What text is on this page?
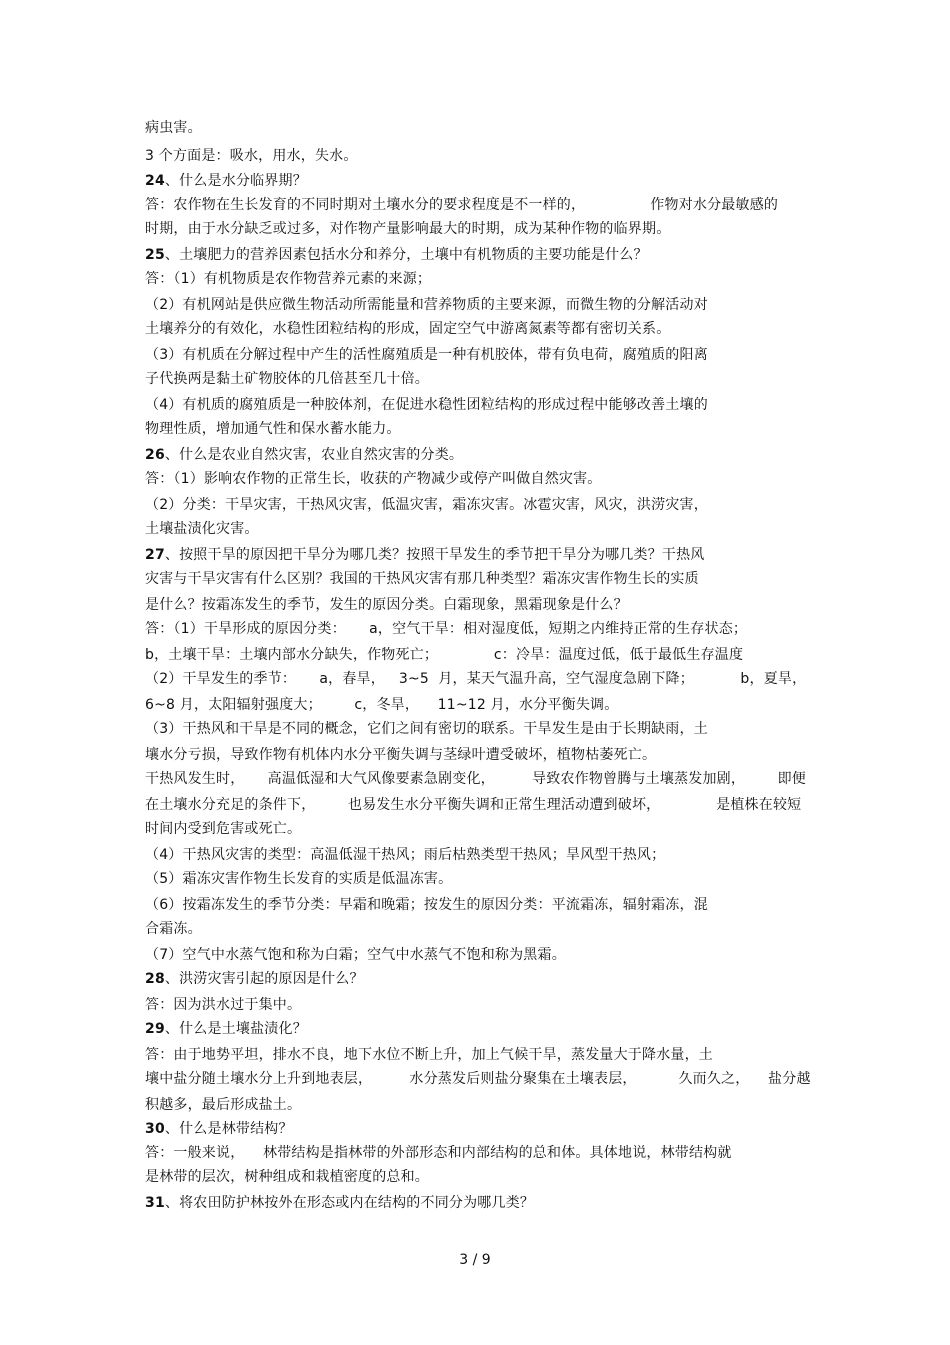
病虫害。
3 个方面是：吸水，用水，失水。
24、什么是水分临界期？
答：农作物在生长发育的不同时期对土壤水分的要求程度是不一样的，              作物对水分最敏感的
时期，由于水分缺乏或过多，对作物产量影响最大的时期，成为某种作物的临界期。
25、土壤肥力的营养因素包括水分和养分，土壤中有机物质的主要功能是什么？
答：（1）有机物质是农作物营养元素的来源；
（2）有机网站是供应微生物活动所需能量和营养物质的主要来源，而微生物的分解活动对
土壤养分的有效化，水稳性团粒结构的形成，固定空气中游离氮素等都有密切关系。
（3）有机质在分解过程中产生的活性腐殖质是一种有机胶体，带有负电荷，腐殖质的阳离
子代换两是黏土矿物胶体的几倍甚至几十倍。
（4）有机质的腐殖质是一种胶体剂，在促进水稳性团粒结构的形成过程中能够改善土壤的
物理性质，增加通气性和保水蓄水能力。
26、什么是农业自然灾害，农业自然灾害的分类。
答：（1）影响农作物的正常生长，收获的产物减少或停产叫做自然灾害。
（2）分类：干旱灾害，干热风灾害，低温灾害，霜冻灾害。冰雹灾害，风灾，洪涝灾害，
土壤盐渍化灾害。
27、按照干旱的原因把干旱分为哪几类？按照干旱发生的季节把干旱分为哪几类？干热风
灾害与干旱灾害有什么区别？我国的干热风灾害有那几种类型？霜冻灾害作物生长的实质
是什么？按霜冻发生的季节，发生的原因分类。白霜现象，黑霜现象是什么？
答：（1）干旱形成的原因分类：     a，空气干旱：相对湿度低，短期之内维持正常的生存状态；
b，土壤干旱：土壤内部水分缺失，作物死亡；            c：冷旱：温度过低，低于最低生存温度
（2）干旱发生的季节：     a，春旱，   3~5  月，某天气温升高，空气湿度急剧下降；          b，夏旱，
6~8 月，太阳辐射强度大；       c，冬旱，    11~12 月，水分平衡失调。
（3）干热风和干旱是不同的概念，它们之间有密切的联系。干旱发生是由于长期缺雨，土
壤水分亏损，导致作物有机体内水分平衡失调与茎绿叶遭受破坏，植物枯萎死亡。
干热风发生时，     高温低湿和大气风像要素急剧变化，        导致农作物曾腾与土壤蒸发加剧，       即便
在土壤水分充足的条件下，       也易发生水分平衡失调和正常生理活动遭到破坏，            是植株在较短
时间内受到危害或死亡。
（4）干热风灾害的类型：高温低湿干热风；雨后枯熟类型干热风；旱风型干热风；
（5）霜冻灾害作物生长发育的实质是低温冻害。
（6）按霜冻发生的季节分类：早霜和晚霜；按发生的原因分类：平流霜冻，辐射霜冻，混
合霜冻。
（7）空气中水蒸气饱和称为白霜；空气中水蒸气不饱和称为黑霜。
28、洪涝灾害引起的原因是什么？
答：因为洪水过于集中。
29、什么是土壤盐渍化？
答：由于地势平坦，排水不良，地下水位不断上升，加上气候干旱，蒸发量大于降水量，土
壤中盐分随土壤水分上升到地表层，        水分蒸发后则盐分聚集在土壤表层，         久而久之，    盐分越
积越多，最后形成盐土。
30、什么是林带结构？
答：一般来说，    林带结构是指林带的外部形态和内部结构的总和体。具体地说，林带结构就
是林带的层次，树种组成和栽植密度的总和。
31、将农田防护林按外在形态或内在结构的不同分为哪几类？
3 / 9
